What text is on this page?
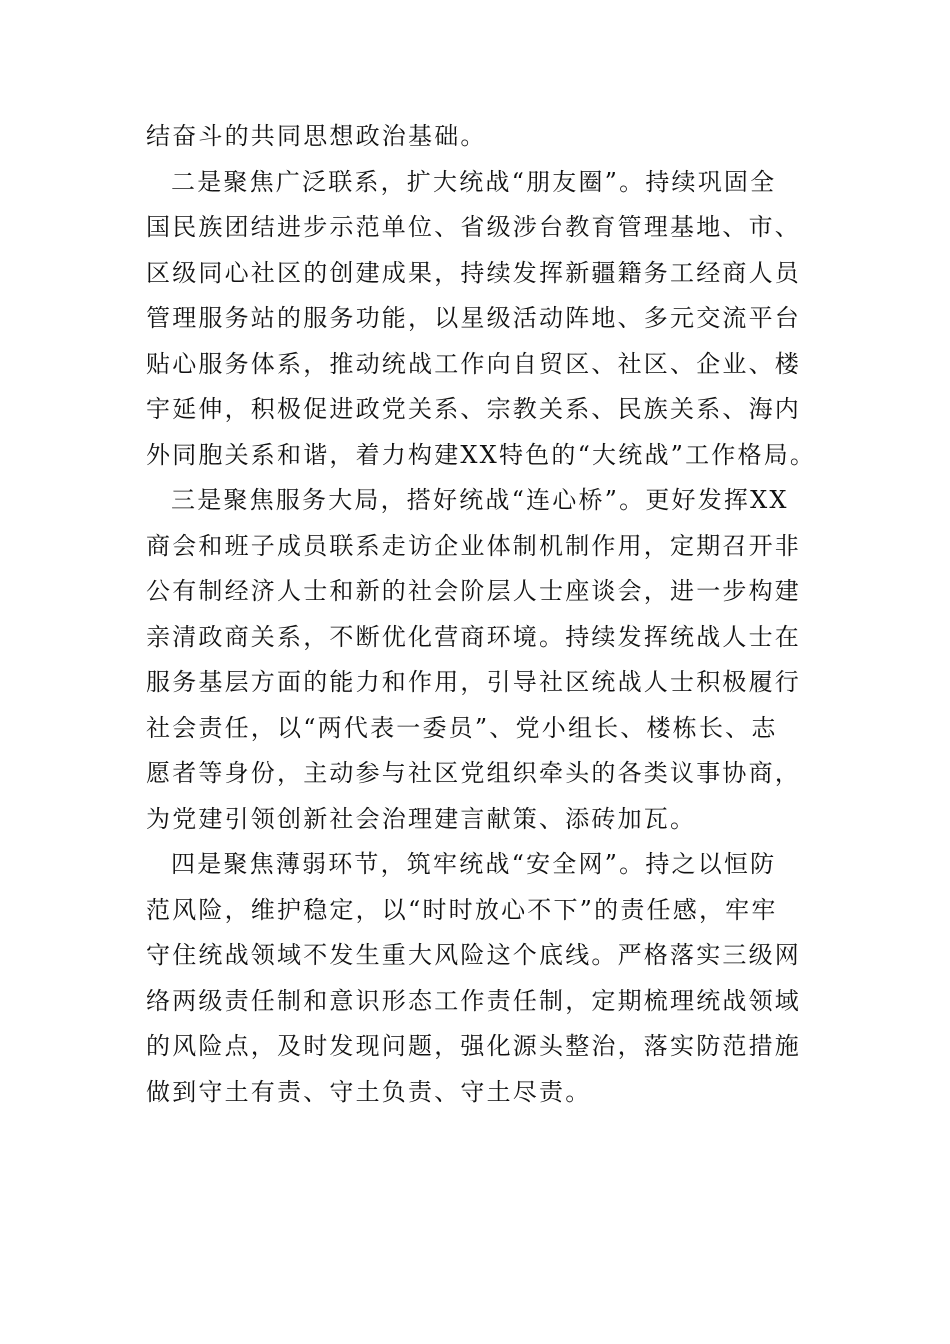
结奋斗的共同思想政治基础。
二是聚焦广泛联系，扩大统战“朋友圈”。持续巩固全
国民族团结进步示范单位、省级涉台教育管理基地、市、
区级同心社区的创建成果，持续发挥新疆籍务工经商人员
管理服务站的服务功能，以星级活动阵地、多元交流平台
贴心服务体系，推动统战工作向自贸区、社区、企业、楼
宇延伸，积极促进政党关系、宗教关系、民族关系、海内
外同胞关系和谐，着力构建XX特色的“大统战”工作格局。
三是聚焦服务大局，搭好统战“连心桥”。更好发挥XX
商会和班子成员联系走访企业体制机制作用，定期召开非
公有制经济人士和新的社会阶层人士座谈会，进一步构建
亲清政商关系，不断优化营商环境。持续发挥统战人士在
服务基层方面的能力和作用，引导社区统战人士积极履行
社会责任，以“两代表一委员”、党小组长、楼栋长、志
愿者等身份，主动参与社区党组织牵头的各类议事协商，
为党建引领创新社会治理建言献策、添砖加瓦。
四是聚焦薄弱环节，筑牢统战“安全网”。持之以恒防
范风险，维护稳定，以“时时放心不下”的责任感，牢牢
守住统战领域不发生重大风险这个底线。严格落实三级网
络两级责任制和意识形态工作责任制，定期梳理统战领域
的风险点，及时发现问题，强化源头整治，落实防范措施
做到守土有责、守土负责、守土尽责。
